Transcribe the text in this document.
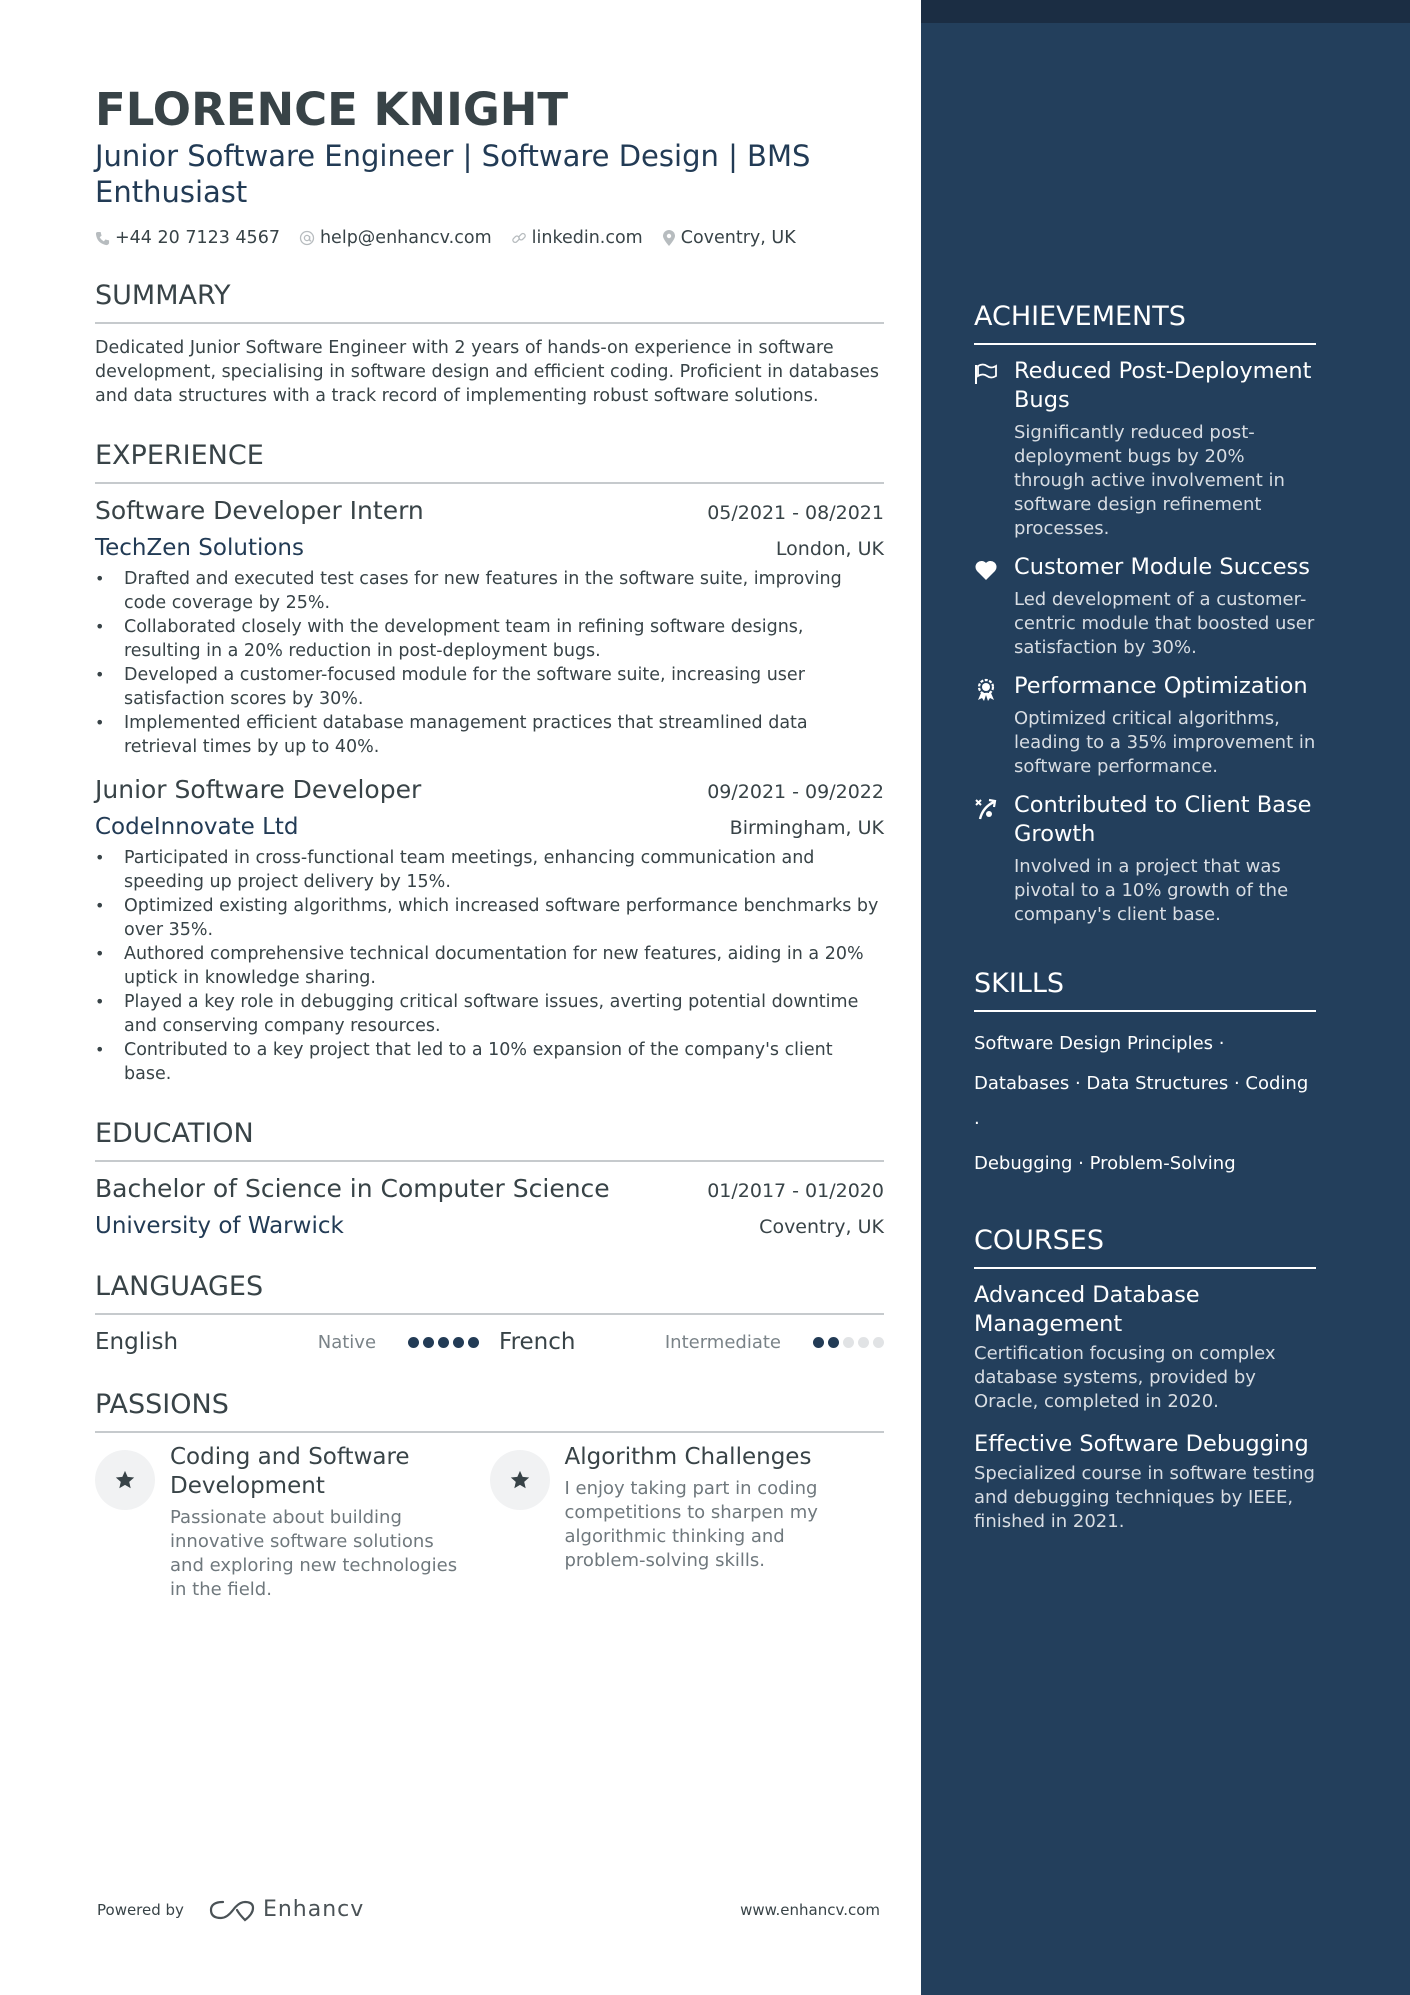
ACHIEVEMENTS
Reduced Post-Deployment Bugs
Significantly reduced post-deployment bugs by 20% through active involvement in software design refinement processes.
Customer Module Success
Led development of a customer-centric module that boosted user satisfaction by 30%.
Performance Optimization
Optimized critical algorithms, leading to a 35% improvement in software performance.
Contributed to Client Base Growth
Involved in a project that was pivotal to a 10% growth of the company's client base.
SKILLS
Software Design Principles ·
Databases · Data Structures · Coding ·
Debugging · Problem-Solving
COURSES
Advanced Database Management
Certification focusing on complex database systems, provided by Oracle, completed in 2020.
Effective Software Debugging
Specialized course in software testing and debugging techniques by IEEE, finished in 2021.
FLORENCE KNIGHT
Junior Software Engineer | Software Design | BMS Enthusiast
+44 20 7123 4567 help@enhancv.com linkedin.com Coventry, UK
SUMMARY

Dedicated Junior Software Engineer with 2 years of hands-on experience in software development, specialising in software design and efficient coding. Proficient in databases and data structures with a track record of implementing robust software solutions.

EXPERIENCE
Software Developer Intern	05/2021 - 08/2021
TechZen Solutions	London, UK
• Drafted and executed test cases for new features in the software suite, improving code coverage by 25%.
• Collaborated closely with the development team in refining software designs, resulting in a 20% reduction in post-deployment bugs.
• Developed a customer-focused module for the software suite, increasing user satisfaction scores by 30%.
• Implemented efficient database management practices that streamlined data retrieval times by up to 40%.
Junior Software Developer	09/2021 - 09/2022
CodeInnovate Ltd	Birmingham, UK
• Participated in cross-functional team meetings, enhancing communication and speeding up project delivery by 15%.
• Optimized existing algorithms, which increased software performance benchmarks by over 35%.
• Authored comprehensive technical documentation for new features, aiding in a 20% uptick in knowledge sharing.
• Played a key role in debugging critical software issues, averting potential downtime and conserving company resources.
• Contributed to a key project that led to a 10% expansion of the company's client base.
EDUCATION
Bachelor of Science in Computer Science	01/2017 - 01/2020
University of Warwick	Coventry, UK
LANGUAGES
English	Native	French	Intermediate
PASSIONS
Coding and Software Development
Passionate about building innovative software solutions and exploring new technologies in the field.
Algorithm Challenges
I enjoy taking part in coding competitions to sharpen my algorithmic thinking and problem-solving skills.
Powered by	Enhancv	www.enhancv.com
